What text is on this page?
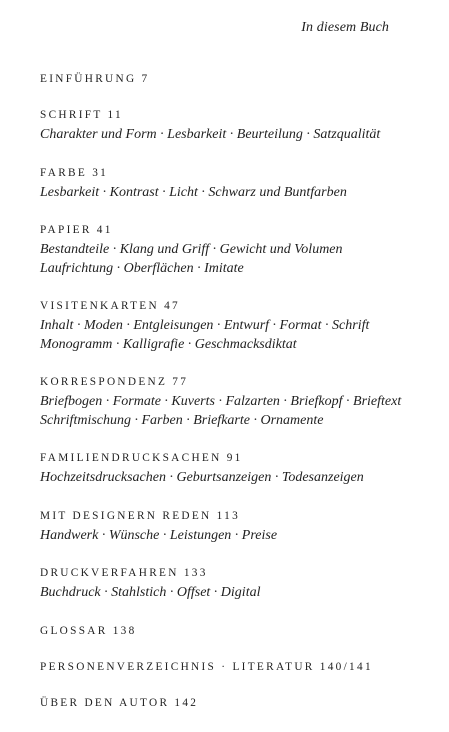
In diesem Buch
EINFÜHRUNG 7
SCHRIFT 11
Charakter und Form · Lesbarkeit · Beurteilung · Satzqualität
FARBE 31
Lesbarkeit · Kontrast · Licht · Schwarz und Buntfarben
PAPIER 41
Bestandteile · Klang und Griff · Gewicht und Volumen
Laufrichtung · Oberflächen · Imitate
VISITENKARTEN 47
Inhalt · Moden · Entgleisungen · Entwurf · Format · Schrift
Monogramm · Kalligrafie · Geschmacksdiktat
KORRESPONDENZ 77
Briefbogen · Formate · Kuverts · Falzarten · Briefkopf · Brieftext
Schriftmischung · Farben · Briefkarte · Ornamente
FAMILIENDRUCKSACHEN 91
Hochzeitsdrucksachen · Geburtsanzeigen · Todesanzeigen
MIT DESIGNERN REDEN 113
Handwerk · Wünsche · Leistungen · Preise
DRUCKVERFAHREN 133
Buchdruck · Stahlstich · Offset · Digital
GLOSSAR 138
PERSONENVERZEICHNIS · LITERATUR 140/141
ÜBER DEN AUTOR 142
